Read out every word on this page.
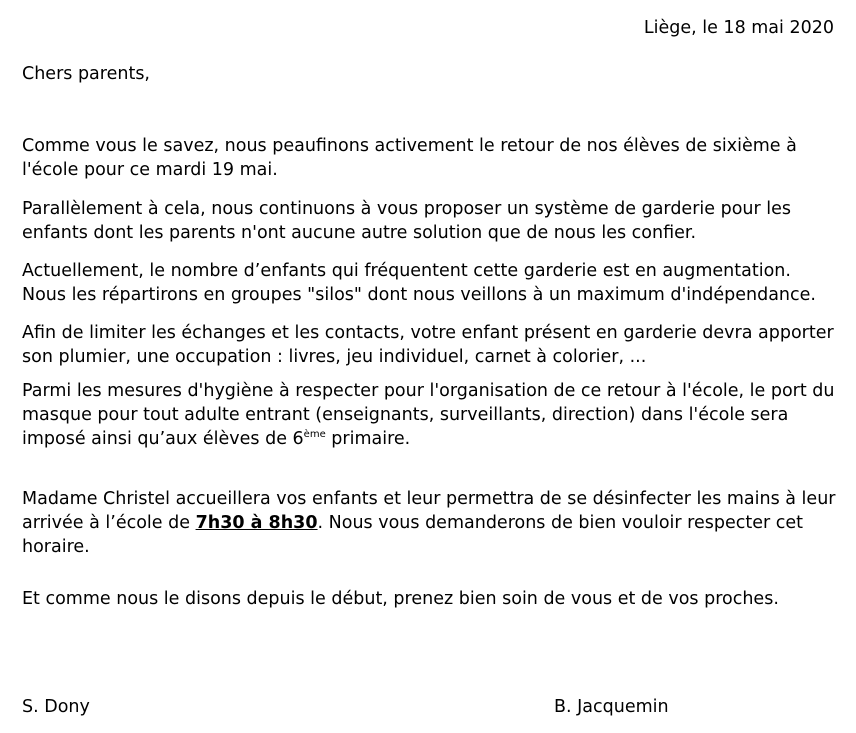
Liège, le 18 mai 2020
Chers parents,

Comme vous le savez, nous peaufinons activement le retour de nos élèves de sixième à l'école pour ce mardi 19 mai.

Parallèlement à cela, nous continuons à vous proposer un système de garderie pour les enfants dont les parents n'ont aucune autre solution que de nous les confier.

Actuellement, le nombre d’enfants qui fréquentent cette garderie est en augmentation. Nous les répartirons en groupes "silos" dont nous veillons à un maximum d'indépendance.

Afin de limiter les échanges et les contacts, votre enfant présent en garderie devra apporter son plumier, une occupation : livres, jeu individuel, carnet à colorier, ...

Parmi les mesures d'hygiène à respecter pour l'organisation de ce retour à l'école, le port du masque pour tout adulte entrant (enseignants, surveillants, direction) dans l'école sera imposé ainsi qu’aux élèves de 6ème primaire.

Madame Christel accueillera vos enfants et leur permettra de se désinfecter les mains à leur arrivée à l’école de 7h30 à 8h30. Nous vous demanderons de bien vouloir respecter cet horaire.

Et comme nous le disons depuis le début, prenez bien soin de vous et de vos proches.

S. Dony	B. Jacquemin
